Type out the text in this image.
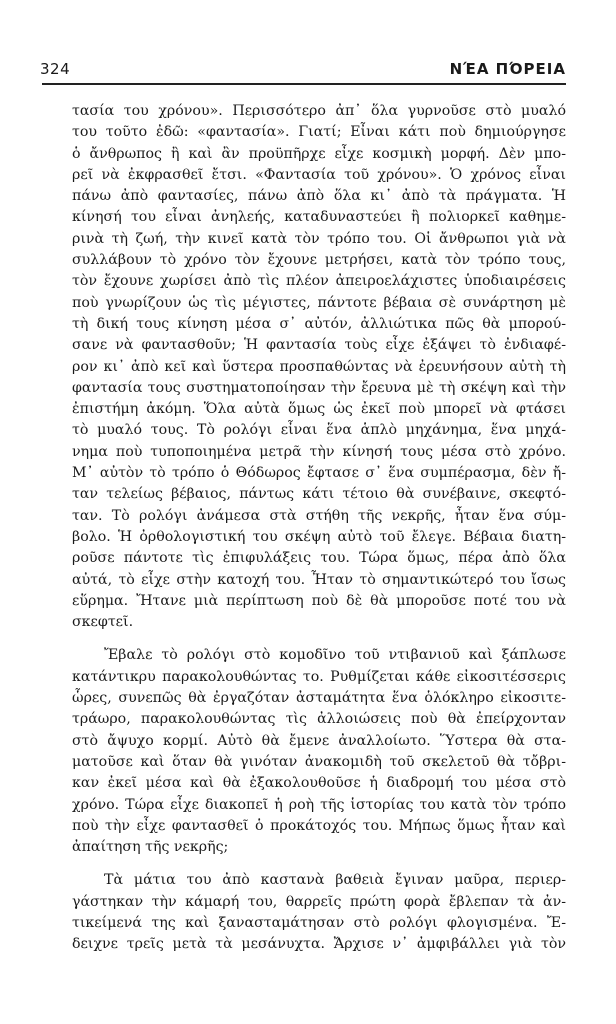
324	ΝΈΑ ΠΌΡΕΙΑ
τασία του χρόνου». Περισσότερο ἀπ᾿ ὅλα γυρνοῦσε στὸ μυαλό
του τοῦτο ἐδῶ: «φαντασία». Γιατί; Εἶναι κάτι ποὺ δημιούργησε
ὁ ἄνθρωπος ἢ καὶ ἂν προϋπῆρχε εἶχε κοσμικὴ μορφή. Δὲν μπο-
ρεῖ νὰ ἐκφρασθεῖ ἔτσι. «Φαντασία τοῦ χρόνου». Ὁ χρόνος εἶναι
πάνω ἀπὸ φαντασίες, πάνω ἀπὸ ὅλα κι᾿ ἀπὸ τὰ πράγματα. Ἡ
κίνησή του εἶναι ἀνηλεής, καταδυναστεύει ἢ πολιορκεῖ καθημε-
ρινὰ τὴ ζωή, τὴν κινεῖ κατὰ τὸν τρόπο του. Οἱ ἄνθρωποι γιὰ νὰ
συλλάβουν τὸ χρόνο τὸν ἔχουνε μετρήσει, κατὰ τὸν τρόπο τους,
τὸν ἔχουνε χωρίσει ἀπὸ τὶς πλέον ἀπειροελάχιστες ὑποδιαιρέσεις
ποὺ γνωρίζουν ὡς τὶς μέγιστες, πάντοτε βέβαια σὲ συνάρτηση μὲ
τὴ δική τους κίνηση μέσα σ᾿ αὐτόν, ἀλλιώτικα πῶς θὰ μπορού-
σανε νὰ φαντασθοῦν; Ἡ φαντασία τοὺς εἶχε ἐξάψει τὸ ἐνδιαφέ-
ρον κι᾿ ἀπὸ κεῖ καὶ ὕστερα προσπαθώντας νὰ ἐρευνήσουν αὐτὴ τὴ
φαντασία τους συστηματοποίησαν τὴν ἔρευνα μὲ τὴ σκέψη καὶ τὴν
ἐπιστήμη ἀκόμη. Ὅλα αὐτὰ ὅμως ὡς ἐκεῖ ποὺ μπορεῖ νὰ φτάσει
τὸ μυαλό τους. Τὸ ρολόγι εἶναι ἕνα ἁπλὸ μηχάνημα, ἕνα μηχά-
νημα ποὺ τυποποιημένα μετρᾶ τὴν κίνησή τους μέσα στὸ χρόνο.
Μ᾿ αὐτὸν τὸ τρόπο ὁ Θόδωρος ἔφτασε σ᾿ ἕνα συμπέρασμα, δὲν ἤ-
ταν τελείως βέβαιος, πάντως κάτι τέτοιο θὰ συνέβαινε, σκεφτό-
ταν. Τὸ ρολόγι ἀνάμεσα στὰ στήθη τῆς νεκρῆς, ἦταν ἕνα σύμ-
βολο. Ἡ ὀρθολογιστική του σκέψη αὐτὸ τοῦ ἔλεγε. Βέβαια διατη-
ροῦσε πάντοτε τὶς ἐπιφυλάξεις του. Τώρα ὅμως, πέρα ἀπὸ ὅλα
αὐτά, τὸ εἶχε στὴν κατοχή του. Ἦταν τὸ σημαντικώτερό του ἴσως
εὕρημα. Ἤτανε μιὰ περίπτωση ποὺ δὲ θὰ μποροῦσε ποτέ του νὰ
σκεφτεῖ.
Ἔβαλε τὸ ρολόγι στὸ κομοδῖνο τοῦ ντιβανιοῦ καὶ ξάπλωσε
κατάντικρυ παρακολουθώντας το. Ρυθμίζεται κάθε εἰκοσιτέσσερις
ὧρες, συνεπῶς θὰ ἐργαζόταν ἀσταμάτητα ἕνα ὁλόκληρο εἰκοσιτε-
τράωρο, παρακολουθώντας τὶς ἀλλοιώσεις ποὺ θὰ ἐπείρχονταν
στὸ ἄψυχο κορμί. Αὐτὸ θὰ ἔμενε ἀναλλοίωτο. Ὕστερα θὰ στα-
ματοῦσε καὶ ὅταν θὰ γινόταν ἀνακομιδὴ τοῦ σκελετοῦ θὰ τὄβρι-
καν ἐκεῖ μέσα καὶ θὰ ἐξακολουθοῦσε ἡ διαδρομή του μέσα στὸ
χρόνο. Τώρα εἶχε διακοπεῖ ἡ ροὴ τῆς ἱστορίας του κατὰ τὸν τρόπο
ποὺ τὴν εἶχε φαντασθεῖ ὁ προκάτοχός του. Μήπως ὅμως ἦταν καὶ
ἀπαίτηση τῆς νεκρῆς;
Τὰ μάτια του ἀπὸ καστανὰ βαθειὰ ἔγιναν μαῦρα, περιερ-
γάστηκαν τὴν κάμαρή του, θαρρεῖς πρώτη φορὰ ἔβλεπαν τὰ ἀν-
τικείμενά της καὶ ξανασταμάτησαν στὸ ρολόγι φλογισμένα. Ἔ-
δειχνε τρεῖς μετὰ τὰ μεσάνυχτα. Ἄρχισε ν᾿ ἀμφιβάλλει γιὰ τὸν
